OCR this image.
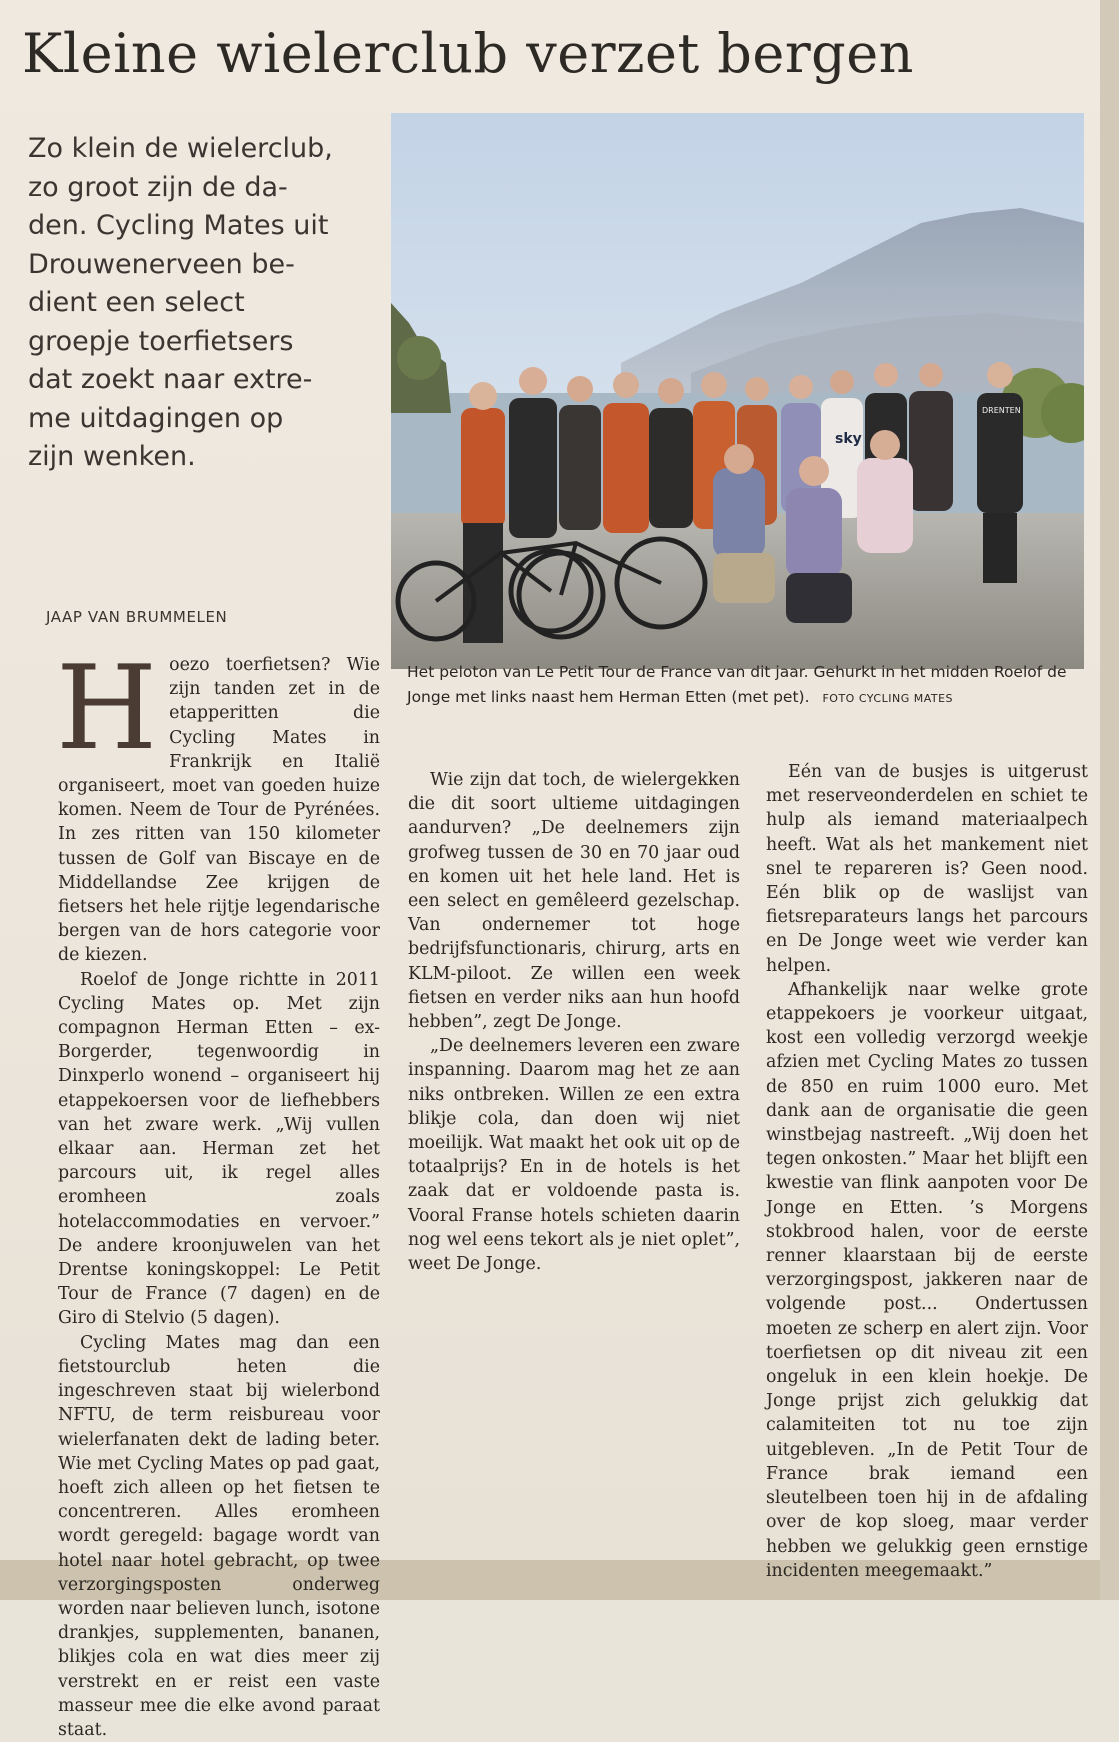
Kleine wielerclub verzet bergen
Zo klein de wielerclub,
zo groot zijn de da-
den. Cycling Mates uit
Drouwenerveen be-
dient een select
groepje toerfietsers
dat zoekt naar extre-
me uitdagingen op
zijn wenken.
sky
DRENTEN
Het peloton van Le Petit Tour de France van dit jaar. Gehurkt in het midden Roelof de Jonge met links naast hem Herman Etten (met pet). FOTO CYCLING MATES
JAAP VAN BRUMMELEN

Hoezo toerfietsen? Wie zijn tanden zet in de etapperitten die Cycling Mates in Frankrijk en Italië organiseert, moet van goeden huize komen. Neem de Tour de Pyrénées. In zes ritten van 150 kilometer tussen de Golf van Biscaye en de Middellandse Zee krijgen de fietsers het hele rijtje legendarische bergen van de hors categorie voor de kiezen.

Roelof de Jonge richtte in 2011 Cycling Mates op. Met zijn compagnon Herman Etten – ex-Borgerder, tegenwoordig in Dinxperlo wonend – organiseert hij etappekoersen voor de liefhebbers van het zware werk. „Wij vullen elkaar aan. Herman zet het parcours uit, ik regel alles eromheen zoals hotelaccommodaties en vervoer.” De andere kroonjuwelen van het Drentse koningskoppel: Le Petit Tour de France (7 dagen) en de Giro di Stelvio (5 dagen).

Cycling Mates mag dan een fietstourclub heten die ingeschreven staat bij wielerbond NFTU, de term reisbureau voor wielerfanaten dekt de lading beter. Wie met Cycling Mates op pad gaat, hoeft zich alleen op het fietsen te concentreren. Alles eromheen wordt geregeld: bagage wordt van hotel naar hotel gebracht, op twee verzorgingsposten onderweg worden naar believen lunch, isotone drankjes, supplementen, bananen, blikjes cola en wat dies meer zij verstrekt en er reist een vaste masseur mee die elke avond paraat staat.

Wie zijn dat toch, de wielergekken die dit soort ultieme uitdagingen aandurven? „De deelnemers zijn grofweg tussen de 30 en 70 jaar oud en komen uit het hele land. Het is een select en gemêleerd gezelschap. Van ondernemer tot hoge bedrijfsfunctionaris, chirurg, arts en KLM-piloot. Ze willen een week fietsen en verder niks aan hun hoofd hebben”, zegt De Jonge.

„De deelnemers leveren een zware inspanning. Daarom mag het ze aan niks ontbreken. Willen ze een extra blikje cola, dan doen wij niet moeilijk. Wat maakt het ook uit op de totaalprijs? En in de hotels is het zaak dat er voldoende pasta is. Vooral Franse hotels schieten daarin nog wel eens tekort als je niet oplet”, weet De Jonge.

Eén van de busjes is uitgerust met reserveonderdelen en schiet te hulp als iemand materiaalpech heeft. Wat als het mankement niet snel te repareren is? Geen nood. Eén blik op de waslijst van fietsreparateurs langs het parcours en De Jonge weet wie verder kan helpen.

Afhankelijk naar welke grote etappekoers je voorkeur uitgaat, kost een volledig verzorgd weekje afzien met Cycling Mates zo tussen de 850 en ruim 1000 euro. Met dank aan de organisatie die geen winstbejag nastreeft. „Wij doen het tegen onkosten.” Maar het blijft een kwestie van flink aanpoten voor De Jonge en Etten. ’s Morgens stokbrood halen, voor de eerste renner klaarstaan bij de eerste verzorgingspost, jakkeren naar de volgende post... Ondertussen moeten ze scherp en alert zijn. Voor toerfietsen op dit niveau zit een ongeluk in een klein hoekje. De Jonge prijst zich gelukkig dat calamiteiten tot nu toe zijn uitgebleven. „In de Petit Tour de France brak iemand een sleutelbeen toen hij in de afdaling over de kop sloeg, maar verder hebben we gelukkig geen ernstige incidenten meegemaakt.”
